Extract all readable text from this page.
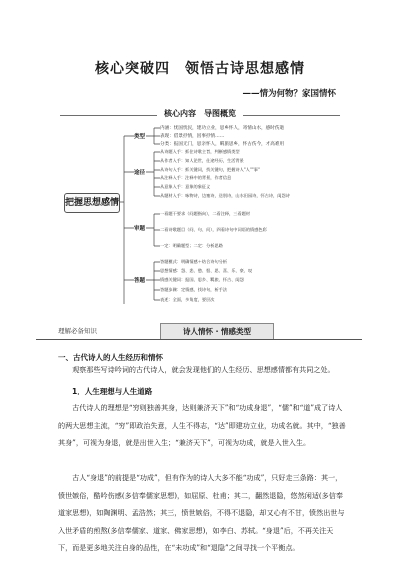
核心突破四　领悟古诗思想感情
——情为何物？家国情怀
核心内容　导图概览
把握思想感情
类型
内涵：忧国忧民，建功立业，思乡怀人，寄情山水，感时伤逝
表现：借景抒情，因事抒情……
分类：报国无门，思亲怀人，羁旅思乡，怀古伤今，才高难用
途径
从诗题入手：抓住诗歌主旨，判断感情类型
从作者入手：知人论世，仕途经历，生活背景
从诗句入手：抓关键词，找关键句，把握诗人"人""事"
从注释入手：注释中的背景，作者信息
从意象入手：意象的象征义
从题材入手：咏物诗，边塞诗，送别诗，山水田园诗，怀古诗，闺怨诗
审题
一看题干要求（问题指向），二看注释，三看题材
二看诗歌题目（问、句、问），四看诗句中词语的情感色彩
一定：明确题型；二定：分析思路
答题
答题模式：明确情感＋结合诗句分析
思想情感：怨、悲、愁、恨、思、喜、乐、豪、叹
情感关键词：报国、思乡、羁旅、怀古、闺怨
答题步骤：定情感，找诗句，析手法
表述：全面，多角度，要层次
理解必备知识	诗人情怀 · 情感类型
一、古代诗人的人生经历和情怀

观察那些写诗吟词的古代诗人，就会发现他们的人生经历、思想感情都有共同之处。

1．人生理想与人生道路

古代诗人的理想是“穷则独善其身，达则兼济天下”和“功成身退”，“儒”和“道”成了诗人的两大思想主流，“穷”即政治失意，人生不得志，“达”即建功立业，功成名就。其中，“独善其身”，可视为身退，就是出世入生；“兼济天下”，可视为功成，就是入世入生。

古人“身退”的前提是“功成”，但有作为的诗人大多不能“功成”，只好走三条路：其一，愤世嫉俗，酷吟伤感(多信奉儒家思想)，如屈原、杜甫；其二，翻然退隐，悠然闲适(多信奉道家思想)，如陶渊明、孟浩然；其三，愤世嫉俗，不得不退隐，却又心有不甘，愤然出世与入世矛盾的煎熬(多信奉儒家、道家、佛家思想)，如李白、苏轼。“身退”后，不再关注天下，而是更多地关注自身的品性，在“未功成”和“退隐”之间寻找一个平衡点。
